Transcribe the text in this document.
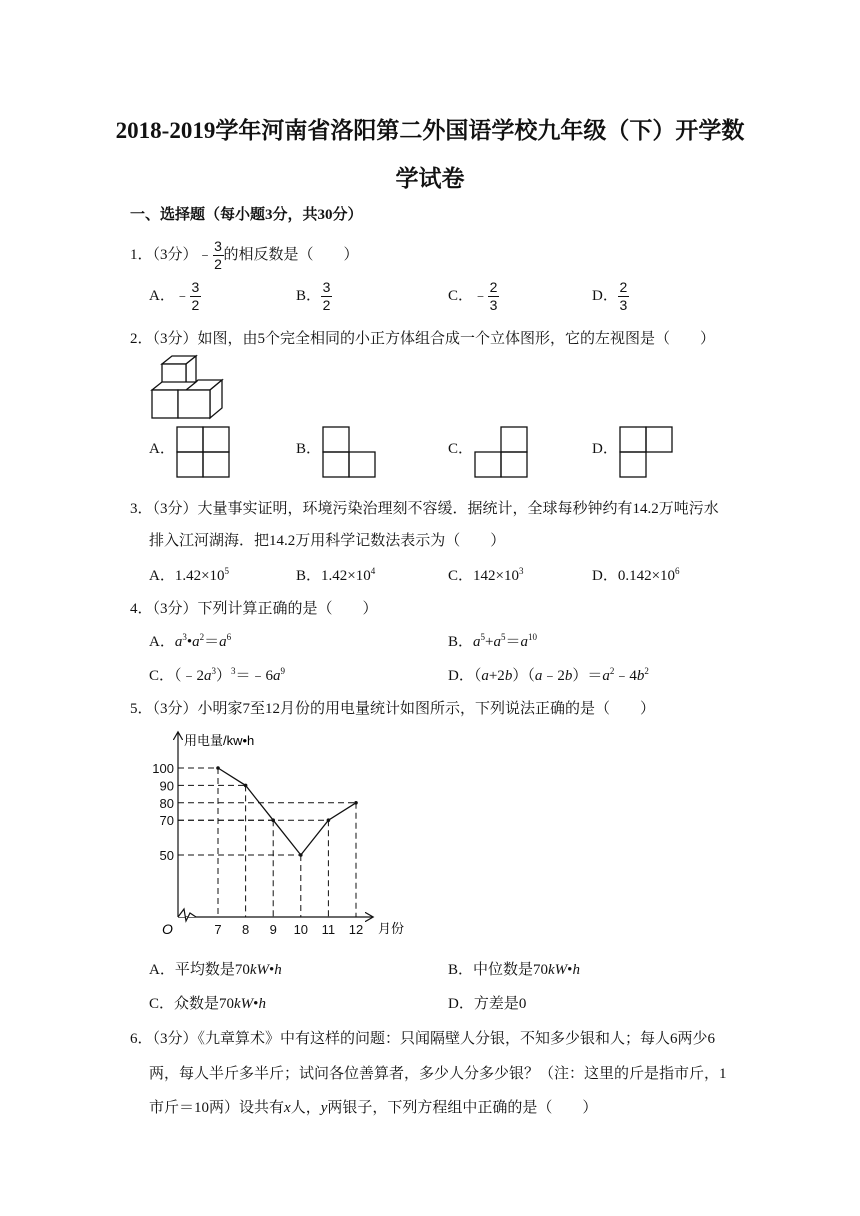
2018-2019学年河南省洛阳第二外国语学校九年级（下）开学数
学试卷
一、选择题（每小题3分，共30分）
1．（3分）﹣ $\frac{3}{2}$ 的相反数是（　　）
A．﹣ $\frac{3}{2}$	B． $\frac{3}{2}$	C．﹣ $\frac{2}{3}$	D． $\frac{2}{3}$
2．（3分）如图，由5个完全相同的小正方体组合成一个立体图形，它的左视图是（　　）
A．	B．	C．	D．
3．（3分）大量事实证明，环境污染治理刻不容缓．据统计，全球每秒钟约有14.2万吨污水
排入江河湖海．把14.2万用科学记数法表示为（　　）
A．$1.42\times 10^5$	B．$1.42\times 10^4$	C．$142\times 10^3$	D．$0.142\times 10^6$
4．（3分）下列计算正确的是（　　）
A．$a^3•a^2=a^6$	B．$a^5+a^5=a^{10}$
C．$(﹣2a^3)^3=﹣6a^9$	D．$(a+2b)(a﹣2b)=a^2﹣4b^2$
5．（3分）小明家7至12月份的用电量统计如图所示，下列说法正确的是（　　）
100
90
80
70
50
7 8 9 10 11 12
用电量/kw•h
月份
O
A．平均数是70kW•h	B．中位数是70kW•h
C．众数是70kW•h	D．方差是0
6．（3分）《九章算术》中有这样的问题：只闻隔壁人分银，不知多少银和人；每人6两少6
两，每人半斤多半斤；试问各位善算者，多少人分多少银？（注：这里的斤是指市斤，1
市斤＝10两）设共有x人，y两银子，下列方程组中正确的是（　　）
